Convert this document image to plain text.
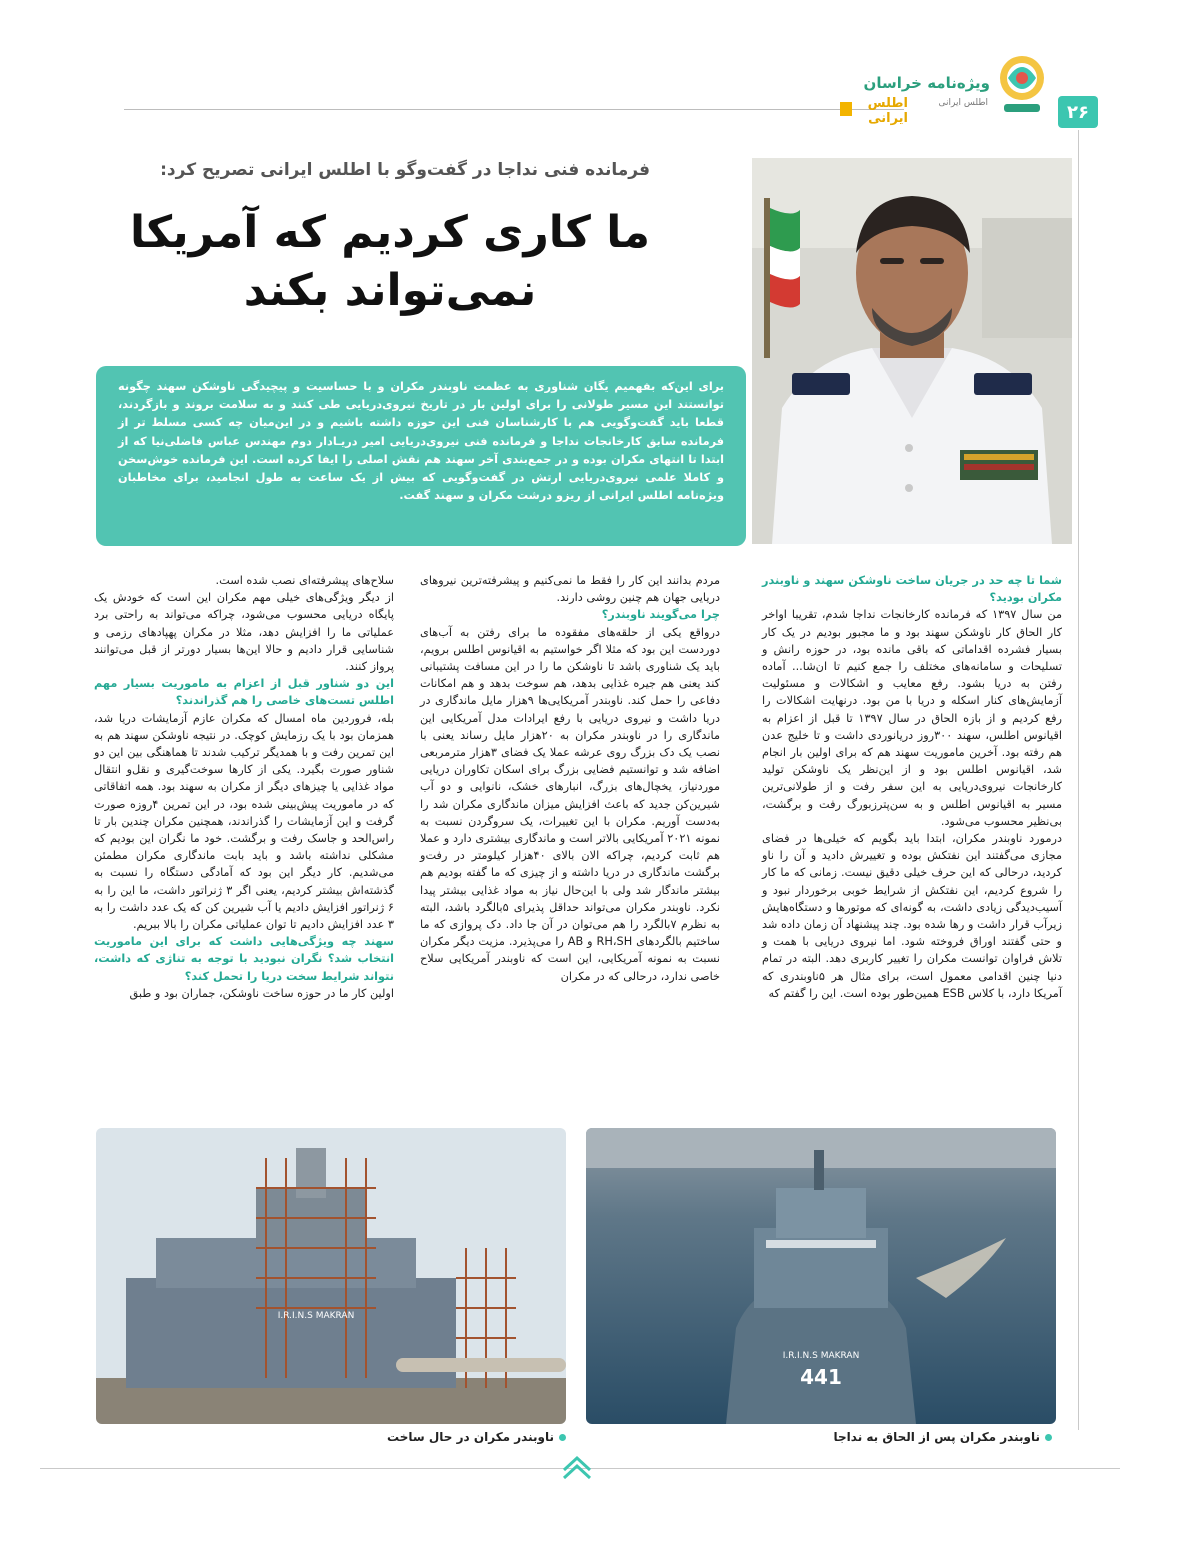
۲۶
ویژه‌نامه خراسان
اطلس ایرانی
اطلس
ایرانی
فرمانده فنی نداجا در گفت‌وگو با اطلس ایرانی تصریح کرد:
ما کاری کردیم که آمریکا
نمی‌تواند بکند
برای این‌که بفهمیم یگان شناوری به عظمت ناوبندر مکران و با حساسیت و پیچیدگی ناوشکن سهند چگونه توانستند این مسیر طولانی را برای اولین بار در تاریخ نیروی‌دریایی طی کنند و به سلامت بروند و بازگردند، قطعا باید گفت‌وگویی هم با کارشناسان فنی این حوزه داشته باشیم و در این‌میان چه کسی مسلط تر از فرمانده سابق کارخانجات نداجا و فرمانده فنی نیروی‌دریایی امیر دریـادار دوم مهندس عباس فاضلی‌نیا که از ابتدا تا انتهای مکران بوده و در جمع‌بندی آخر سهند هم نقش اصلی را ایفا کرده است. این فرمانده خوش‌سخن و کاملا علمی نیروی‌دریایی ارتش در گفت‌وگویی که بیش از یک ساعت به طول انجامید، برای مخاطبان ویژه‌نامه اطلس ایرانی از ریزو درشت مکران و سهند گفت.

شما تا چه حد در جریان ساخت ناوشکن سهند و ناوبندر مکران بودید؟

من سال ۱۳۹۷ که فرمانده کارخانجات نداجا شدم، تقریبا اواخر کار الحاق کار ناوشکن سهند بود و ما مجبور بودیم در یک کار بسیار فشرده اقداماتی که باقی مانده بود، در حوزه رانش و تسلیحات و سامانه‌های مختلف را جمع کنیم تا ان‌شا... آماده رفتن به دریا بشود. رفع معایب و اشکالات و مسئولیت آزمایش‌های کنار اسکله و دریا با من بود. درنهایت اشکالات را رفع کردیم و از بازه الحاق در سال ۱۳۹۷ تا قبل از اعزام به اقیانوس اطلس، سهند ۳۰۰روز دریانوردی داشت و تا خلیج عدن هم رفته بود. آخرین ماموریت سهند هم که برای اولین بار انجام شد، اقیانوس اطلس بود و از این‌نظر یک ناوشکن تولید کارخانجات نیروی‌دریایی به این سفر رفت و از طولانی‌ترین مسیر به اقیانوس اطلس و به سن‌پترزبورگ رفت و برگشت، بی‌نظیر محسوب می‌شود.

درمورد ناوبندر مکران، ابتدا باید بگویم که خیلی‌ها در فضای مجازی می‌گفتند این نفتکش بوده و تغییرش دادید و آن را ناو کردید، درحالی که این حرف خیلی دقیق نیست. زمانی که ما کار را شروع کردیم، این نفتکش از شرایط خوبی برخوردار نبود و آسیب‌دیدگی زیادی داشت، به گونه‌ای که موتورها و دستگاه‌هایش زیرآب قرار داشت و رها شده بود. چند پیشنهاد آن زمان داده شد و حتی گفتند اوراق فروخته شود. اما نیروی دریایی با همت و تلاش فراوان توانست مکران را تغییر کاربری دهد. البته در تمام دنیا چنین اقدامی معمول است، برای مثال هر ۵ناوبندری که آمریکا دارد، با کلاس ESB همین‌طور بوده است. این را گفتم که

مردم بدانند این کار را فقط ما نمی‌کنیم و پیشرفته‌ترین نیروهای دریایی جهان هم چنین روشی دارند.

چرا می‌گویند ناوبندر؟

درواقع یکی از حلقه‌های مفقوده ما برای رفتن به آب‌های دوردست این بود که مثلا اگر خواستیم به اقیانوس اطلس برویم، باید یک شناوری باشد تا ناوشکن ما را در این مسافت پشتیبانی کند یعنی هم جیره غذایی بدهد، هم سوخت بدهد و هم امکانات دفاعی را حمل کند. ناوبندر آمریکایی‌ها ۹هزار مایل ماندگاری در دریا داشت و نیروی دریایی با رفع ایرادات مدل آمریکایی این ماندگاری را در ناوبندر مکران به ۲۰هزار مایل رساند یعنی با نصب یک دک بزرگ روی عرشه عملا یک فضای ۳هزار مترمربعی اضافه شد و توانستیم فضایی بزرگ برای اسکان تکاوران دریایی موردنیاز، یخچال‌های بزرگ، انبارهای خشک، نانوایی و دو آب شیرین‌کن جدید که باعث افزایش میزان ماندگاری مکران شد را به‌دست آوریم. مکران با این تغییرات، یک سروگردن نسبت به نمونه ۲۰۲۱ آمریکایی بالاتر است و ماندگاری بیشتری دارد و عملا هم ثابت کردیم، چراکه الان بالای ۴۰هزار کیلومتر در رفت‌و برگشت ماندگاری در دریا داشته و از چیزی که ما گفته بودیم هم بیشتر ماندگار شد ولی با این‌حال نیاز به مواد غذایی بیشتر پیدا نکرد. ناوبندر مکران می‌تواند حداقل پذیرای ۵بالگرد باشد، البته به نظرم ۷بالگرد را هم می‌توان در آن جا داد. دک پروازی که ما ساختیم بالگردهای RH،SH و AB را می‌پذیرد. مزیت دیگر مکران نسبت به نمونه آمریکایی، این است که ناوبندر آمریکایی سلاح خاصی ندارد، درحالی که در مکران

سلاح‌های پیشرفته‌ای نصب شده است.

از دیگر ویژگی‌های خیلی مهم مکران این است که خودش یک پایگاه دریایی محسوب می‌شود، چراکه می‌تواند به راحتی برد عملیاتی ما را افزایش دهد، مثلا در مکران پهپادهای رزمی و شناسایی قرار دادیم و حالا این‌ها بسیار دورتر از قبل می‌توانند پرواز کنند.

این دو شناور قبل از اعزام به ماموریت بسیار مهم اطلس تست‌های خاصی را هم گذراندند؟

بله، فروردین ماه امسال که مکران عازم آزمایشات دریا شد، همزمان بود با یک رزمایش کوچک. در نتیجه ناوشکن سهند هم به این تمرین رفت و با همدیگر ترکیب شدند تا هماهنگی بین این دو شناور صورت بگیرد. یکی از کارها سوخت‌گیری و نقل‌و انتقال مواد غذایی یا چیزهای دیگر از مکران به سهند بود. همه اتفاقاتی که در ماموریت پیش‌بینی شده بود، در این تمرین ۴روزه صورت گرفت و این آزمایشات را گذراندند، همچنین مکران چندین بار تا راس‌الحد و جاسک رفت و برگشت. خود ما نگران این بودیم که مشکلی نداشته باشد و باید بابت ماندگاری مکران مطمئن می‌شدیم. کار دیگر این بود که آمادگی دستگاه را نسبت به گذشته‌اش بیشتر کردیم، یعنی اگر ۳ ژنراتور داشت، ما این را به ۶ ژنراتور افزایش دادیم یا آب شیرین کن که یک عدد داشت را به ۳ عدد افزایش دادیم تا توان عملیاتی مکران را بالا ببریم.

سهند چه ویژگی‌هایی داشت که برای این ماموریت انتخاب شد؟ نگران نبودید با توجه به تناژی که داشت، نتواند شرایط سخت دریا را تحمل کند؟

اولین کار ما در حوزه ساخت ناوشکن، جماران بود و طبق

I.R.I.N.S MAKRAN
441
ناوبندر مکران پس از الحاق به نداجا
I.R.I.N.S MAKRAN
ناوبندر مکران در حال ساخت
